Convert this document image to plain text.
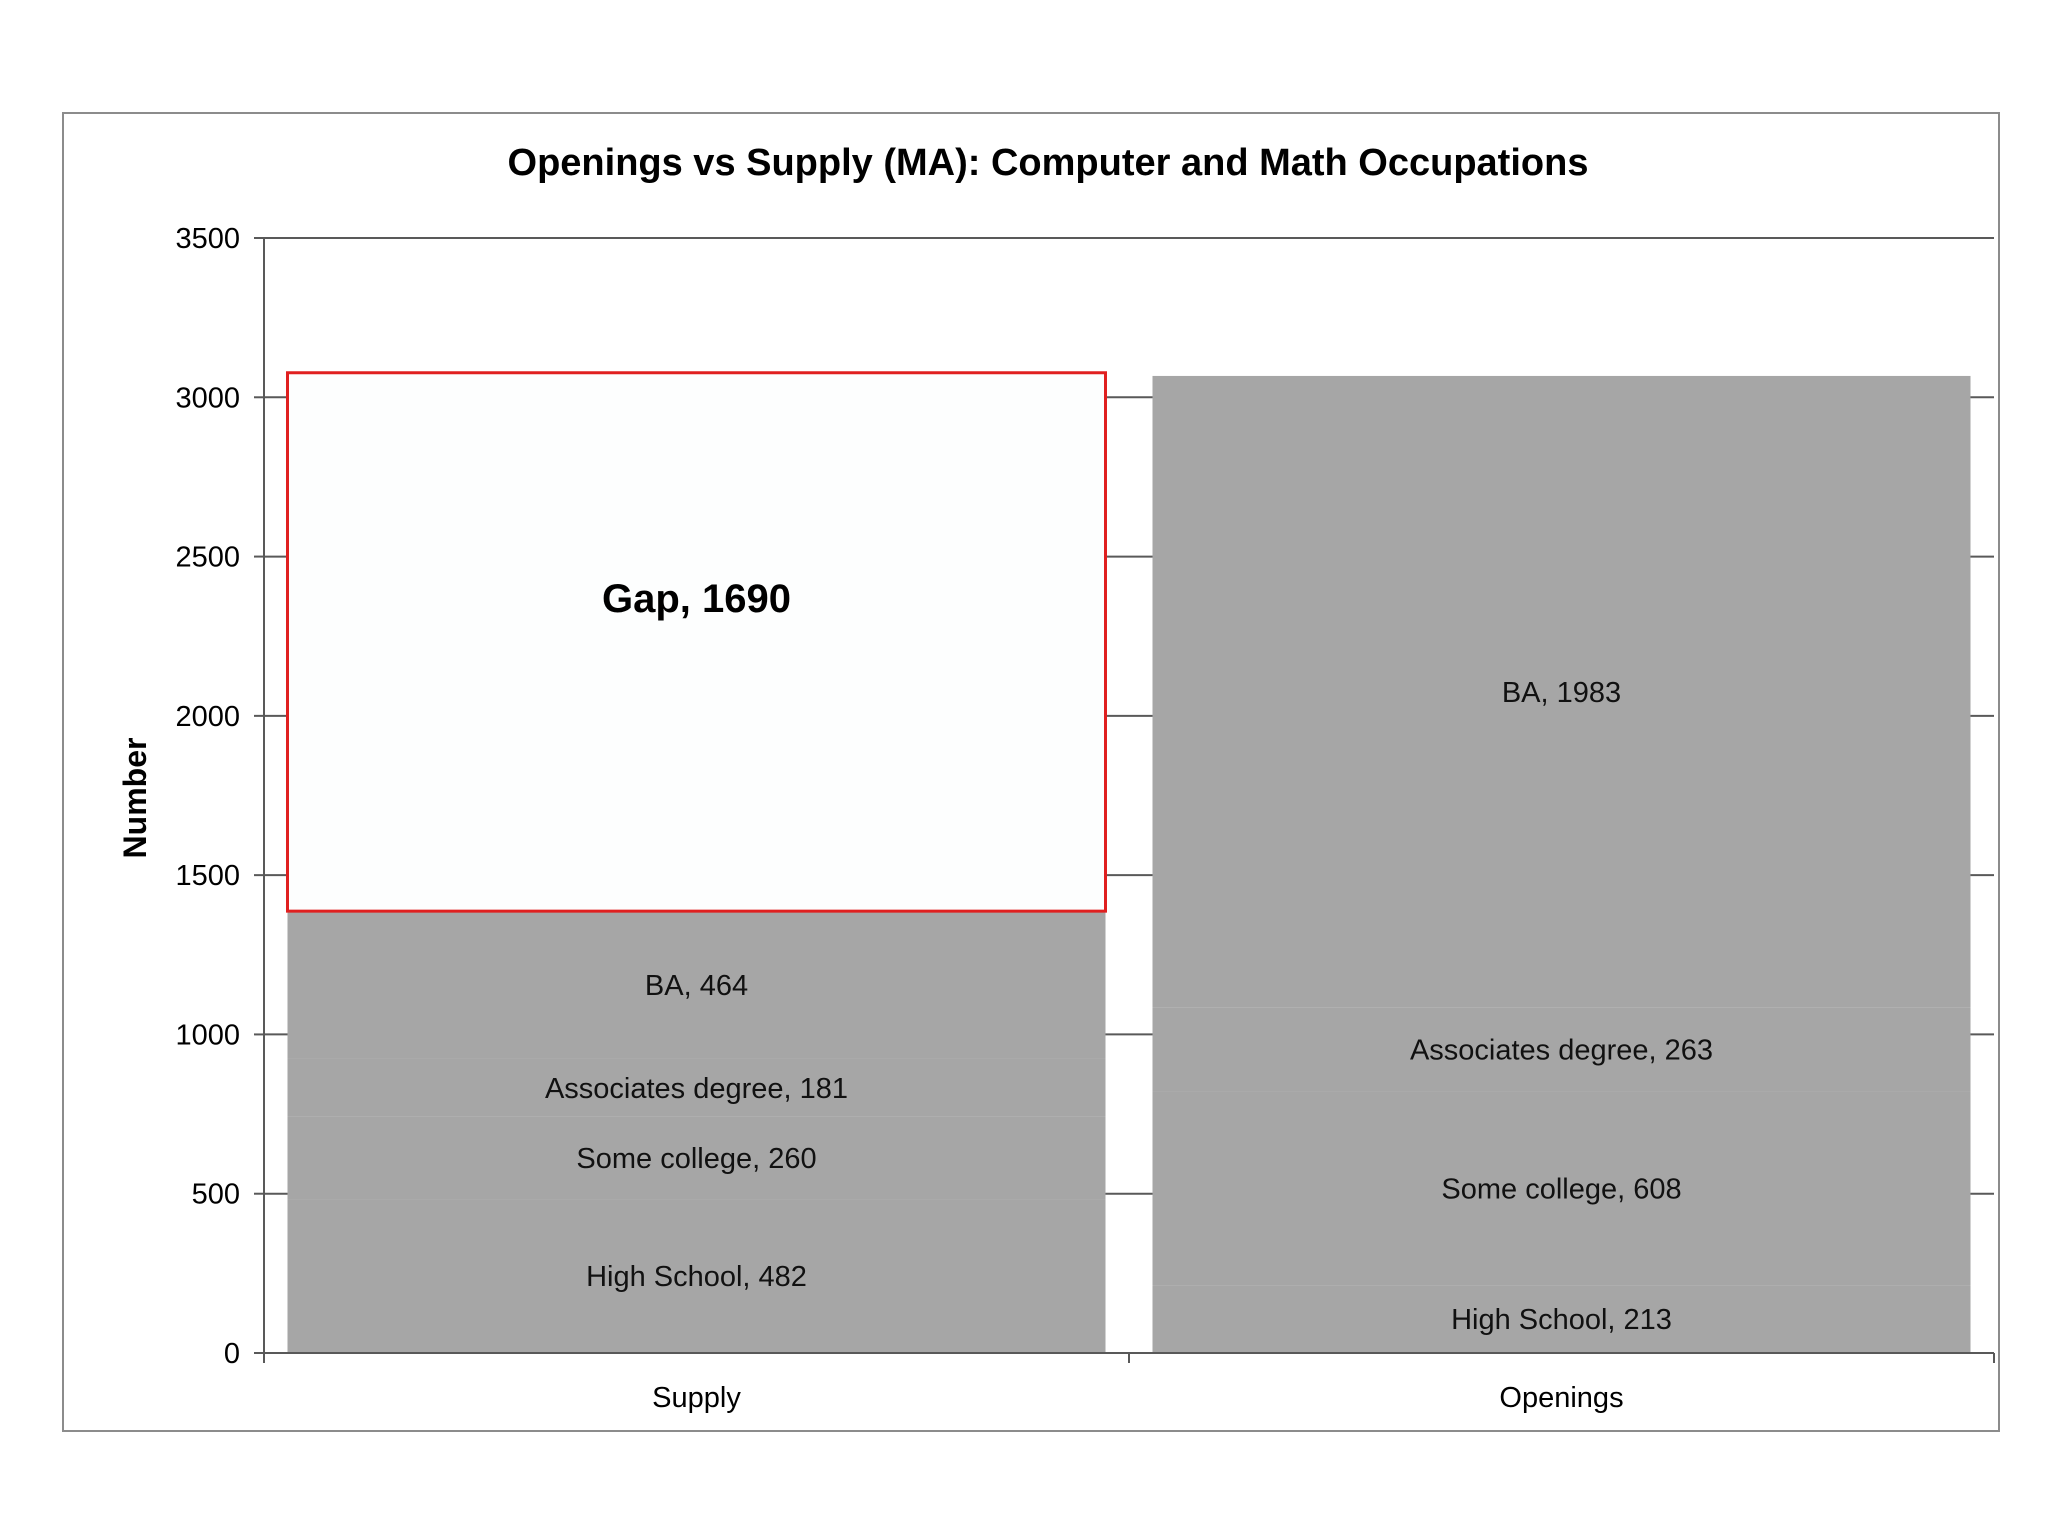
Openings vs Supply (MA): Computer and Math Occupations
Number
0
500
1000
1500
2000
2500
3000
3500
High School, 482
Some college, 260
Associates degree, 181
BA, 464
Gap, 1690
Supply
High School, 213
Some college, 608
Associates degree, 263
BA, 1983
Openings
